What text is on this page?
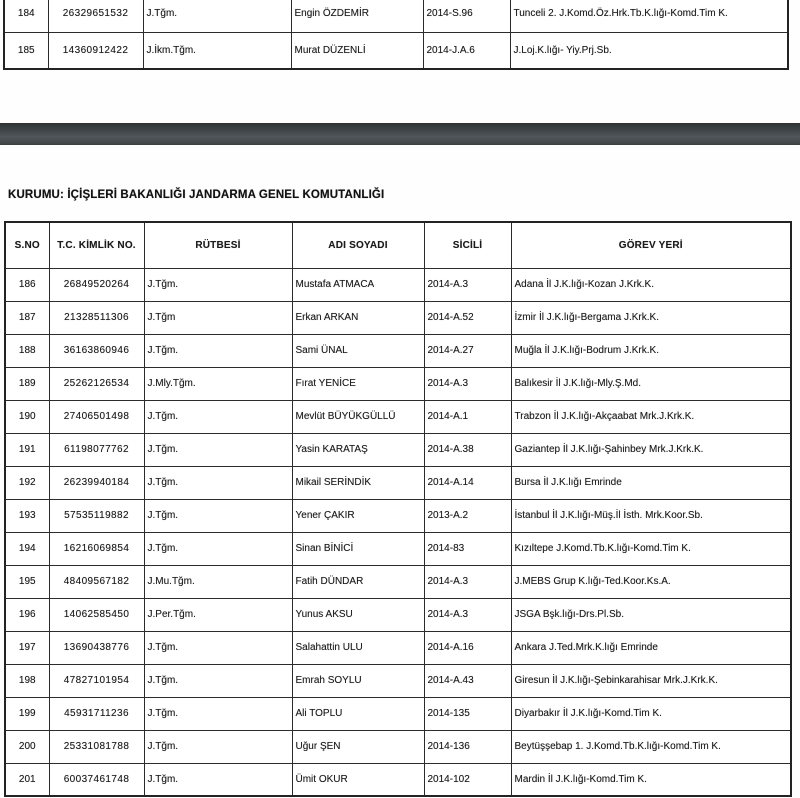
184	26329651532	J.Tğm.	Engin ÖZDEMİR	2014-S.96	Tunceli 2. J.Komd.Öz.Hrk.Tb.K.lığı-Komd.Tim K.
185	14360912422	J.İkm.Tğm.	Murat DÜZENLİ	2014-J.A.6	J.Loj.K.lığı- Yiy.Prj.Sb.
KURUMU: İÇİŞLERİ BAKANLIĞI JANDARMA GENEL KOMUTANLIĞI
S.NO	T.C. KİMLİK NO.	RÜTBESİ	ADI SOYADI	SİCİLİ	GÖREV YERİ
186	26849520264	J.Tğm.	Mustafa ATMACA	2014-A.3	Adana İl J.K.lığı-Kozan J.Krk.K.
187	21328511306	J.Tğm	Erkan ARKAN	2014-A.52	İzmir İl J.K.lığı-Bergama J.Krk.K.
188	36163860946	J.Tğm.	Sami ÜNAL	2014-A.27	Muğla İl J.K.lığı-Bodrum J.Krk.K.
189	25262126534	J.Mly.Tğm.	Fırat YENİCE	2014-A.3	Balıkesir İl J.K.lığı-Mly.Ş.Md.
190	27406501498	J.Tğm.	Mevlüt BÜYÜKGÜLLÜ	2014-A.1	Trabzon İl J.K.lığı-Akçaabat Mrk.J.Krk.K.
191	61198077762	J.Tğm.	Yasin KARATAŞ	2014-A.38	Gaziantep İl J.K.lığı-Şahinbey Mrk.J.Krk.K.
192	26239940184	J.Tğm.	Mikail SERİNDİK	2014-A.14	Bursa İl J.K.lığı Emrinde
193	57535119882	J.Tğm.	Yener ÇAKIR	2013-A.2	İstanbul İl J.K.lığı-Müş.İl İsth. Mrk.Koor.Sb.
194	16216069854	J.Tğm.	Sinan BİNİCİ	2014-83	Kızıltepe J.Komd.Tb.K.lığı-Komd.Tim K.
195	48409567182	J.Mu.Tğm.	Fatih DÜNDAR	2014-A.3	J.MEBS Grup K.lığı-Ted.Koor.Ks.A.
196	14062585450	J.Per.Tğm.	Yunus AKSU	2014-A.3	JSGA Bşk.lığı-Drs.Pl.Sb.
197	13690438776	J.Tğm.	Salahattin ULU	2014-A.16	Ankara J.Ted.Mrk.K.lığı Emrinde
198	47827101954	J.Tğm.	Emrah SOYLU	2014-A.43	Giresun İl J.K.lığı-Şebinkarahisar Mrk.J.Krk.K.
199	45931711236	J.Tğm.	Ali TOPLU	2014-135	Diyarbakır İl J.K.lığı-Komd.Tim K.
200	25331081788	J.Tğm.	Uğur ŞEN	2014-136	Beytüşşebap 1. J.Komd.Tb.K.lığı-Komd.Tim K.
201	60037461748	J.Tğm.	Ümit OKUR	2014-102	Mardin İl J.K.lığı-Komd.Tim K.
